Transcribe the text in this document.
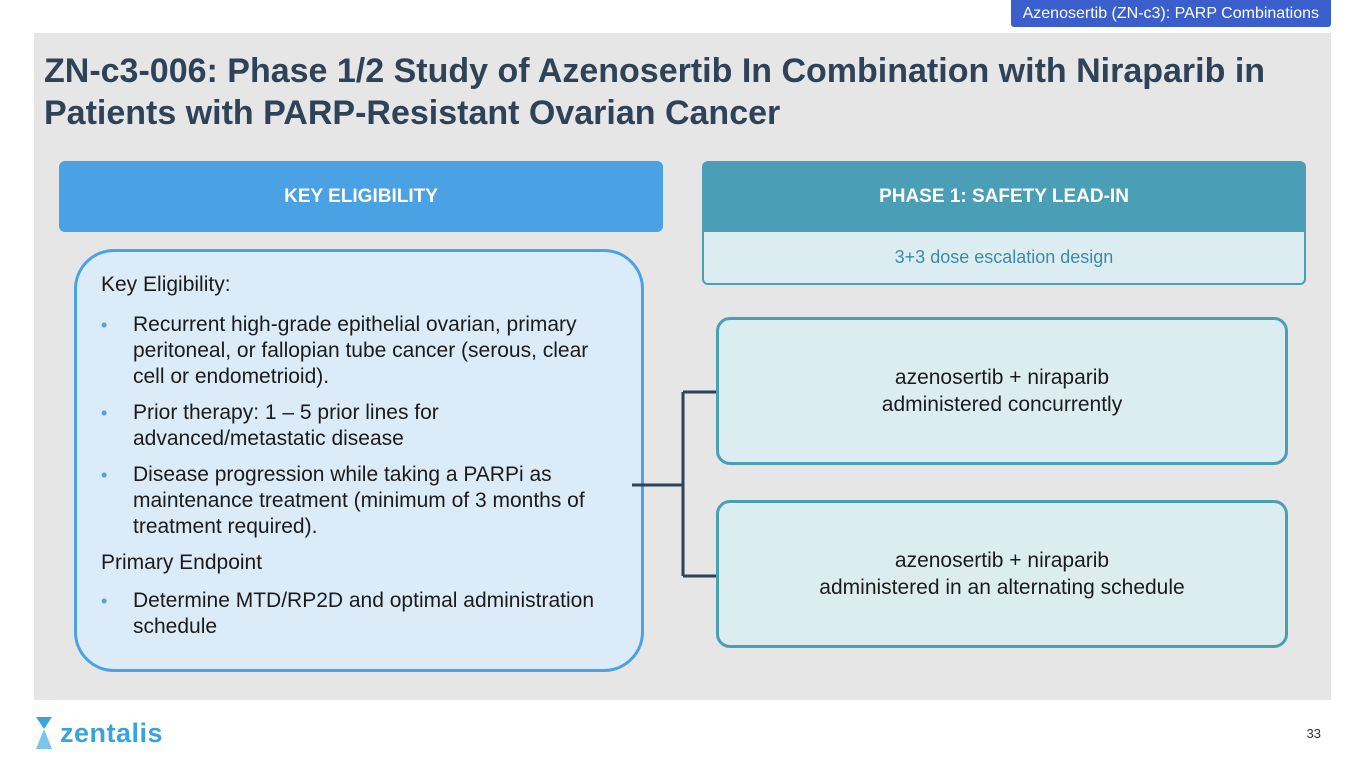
Azenosertib (ZN-c3): PARP Combinations
ZN-c3-006: Phase 1/2 Study of Azenosertib In Combination with Niraparib in Patients with PARP-Resistant Ovarian Cancer
KEY ELIGIBILITY	PHASE 1: SAFETY LEAD-IN
3+3 dose escalation design
Key Eligibility:
• Recurrent high-grade epithelial ovarian, primary peritoneal, or fallopian tube cancer (serous, clear cell or endometrioid).
• Prior therapy: 1 – 5 prior lines for advanced/metastatic disease
• Disease progression while taking a PARPi as maintenance treatment (minimum of 3 months of treatment required).
Primary Endpoint
• Determine MTD/RP2D and optimal administration schedule
azenosertib + niraparib
administered concurrently
azenosertib + niraparib
administered in an alternating schedule
zentalis	33
